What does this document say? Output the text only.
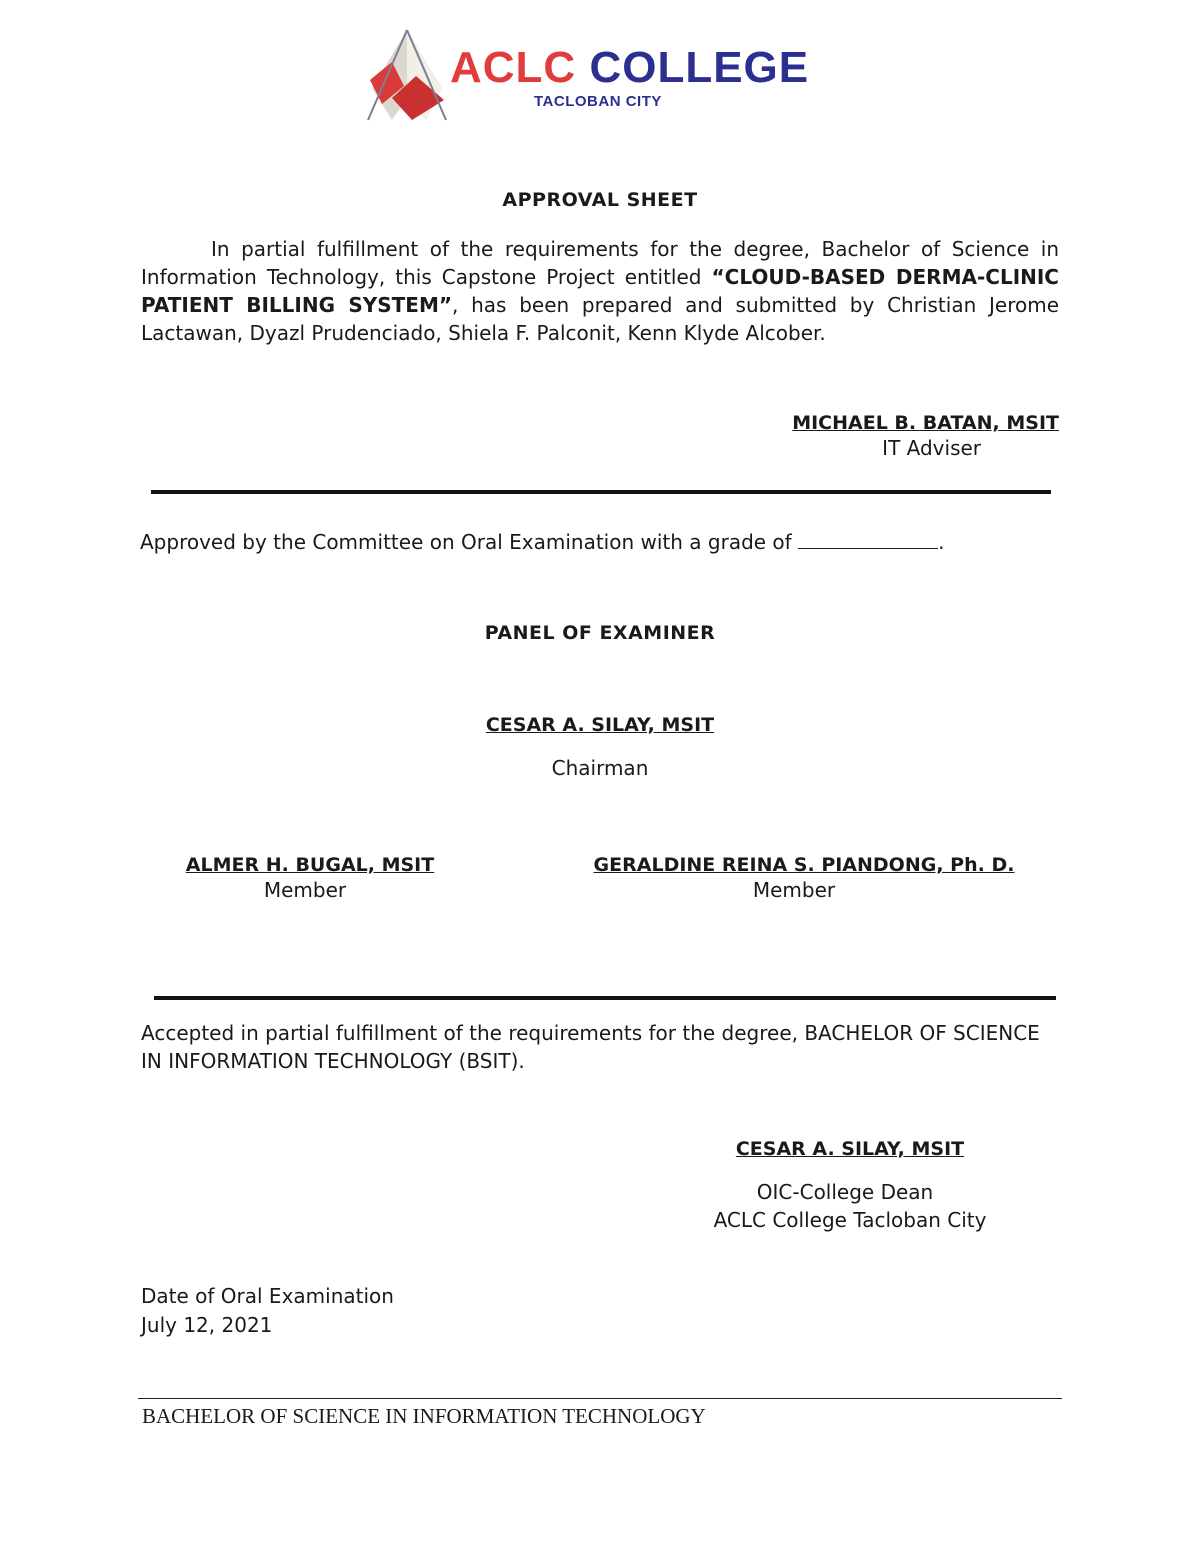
ACLC COLLEGE
TACLOBAN CITY
APPROVAL SHEET
In partial fulfillment of the requirements for the degree, Bachelor of Science in Information Technology, this Capstone Project entitled “CLOUD-BASED DERMA-CLINIC PATIENT BILLING SYSTEM”, has been prepared and submitted by Christian Jerome Lactawan, Dyazl Prudenciado, Shiela F. Palconit, Kenn Klyde Alcober.
MICHAEL B. BATAN, MSIT
IT Adviser
Approved by the Committee on Oral Examination with a grade of	.
PANEL OF EXAMINER
CESAR A. SILAY, MSIT
Chairman
ALMER H. BUGAL, MSIT
Member
GERALDINE REINA S. PIANDONG, Ph. D.
Member
Accepted in partial fulfillment of the requirements for the degree, BACHELOR OF SCIENCE IN INFORMATION TECHNOLOGY (BSIT).
CESAR A. SILAY, MSIT
OIC-College Dean
ACLC College Tacloban City
Date of Oral Examination
July 12, 2021
BACHELOR OF SCIENCE IN INFORMATION TECHNOLOGY
